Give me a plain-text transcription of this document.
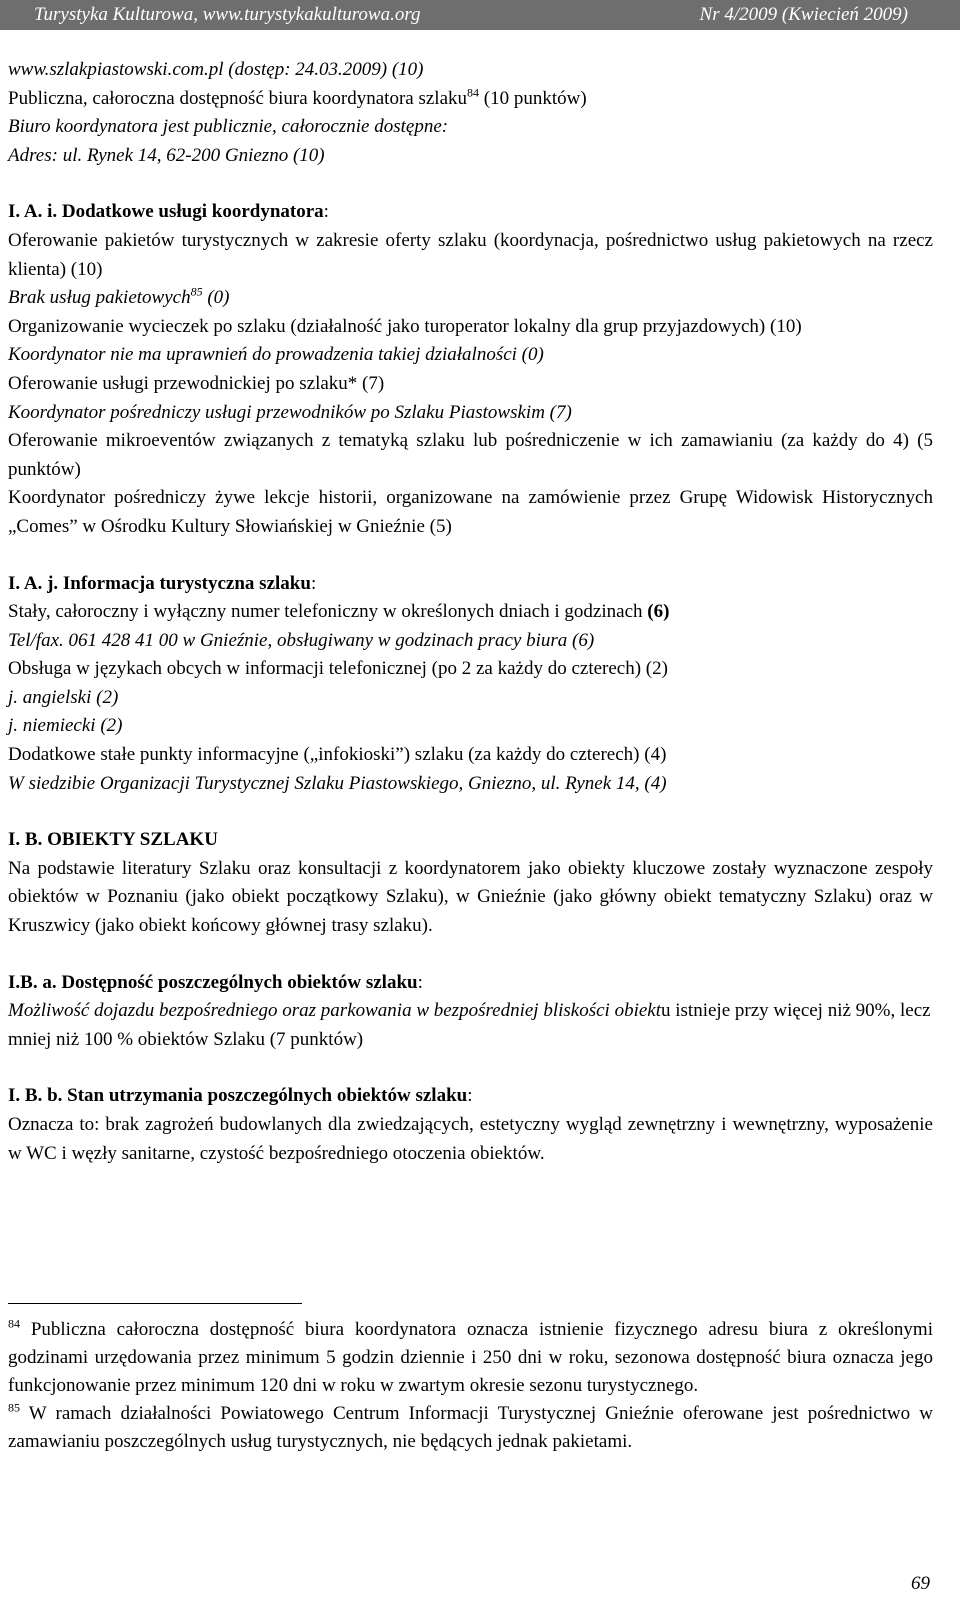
Turystyka Kulturowa, www.turystykakulturowa.org	Nr 4/2009 (Kwiecień 2009)

www.szlakpiastowski.com.pl (dostęp: 24.03.2009) (10)

Publiczna, całoroczna dostępność biura koordynatora szlaku$^{84}$ (10 punktów)

Biuro koordynatora jest publicznie, całorocznie dostępne:

Adres: ul. Rynek 14, 62-200 Gniezno (10)

I. A. i. Dodatkowe usługi koordynatora:

Oferowanie pakietów turystycznych w zakresie oferty szlaku (koordynacja, pośrednictwo usług pakietowych na rzecz klienta) (10)

Brak usług pakietowych$^{85}$ (0)

Organizowanie wycieczek po szlaku (działalność jako turoperator lokalny dla grup przyjazdowych) (10)

Koordynator nie ma uprawnień do prowadzenia takiej działalności (0)

Oferowanie usługi przewodnickiej po szlaku* (7)

Koordynator pośredniczy usługi przewodników po Szlaku Piastowskim (7)

Oferowanie mikroeventów związanych z tematyką szlaku lub pośredniczenie w ich zamawianiu (za każdy do 4) (5 punktów)

Koordynator pośredniczy żywe lekcje historii, organizowane na zamówienie przez Grupę Widowisk Historycznych „Comes” w Ośrodku Kultury Słowiańskiej w Gnieźnie (5)

I. A. j. Informacja turystyczna szlaku:

Stały, całoroczny i wyłączny numer telefoniczny w określonych dniach i godzinach (6)

Tel/fax. 061 428 41 00 w Gnieźnie, obsługiwany w godzinach pracy biura (6)

Obsługa w językach obcych w informacji telefonicznej (po 2 za każdy do czterech) (2)

j. angielski (2)

j. niemiecki (2)

Dodatkowe stałe punkty informacyjne („infokioski”) szlaku (za każdy do czterech) (4)

W siedzibie Organizacji Turystycznej Szlaku Piastowskiego, Gniezno, ul. Rynek 14, (4)

I. B. OBIEKTY SZLAKU

Na podstawie literatury Szlaku oraz konsultacji z koordynatorem jako obiekty kluczowe zostały wyznaczone zespoły obiektów w Poznaniu (jako obiekt początkowy Szlaku), w Gnieźnie (jako główny obiekt tematyczny Szlaku) oraz w Kruszwicy (jako obiekt końcowy głównej trasy szlaku).

I.B. a. Dostępność poszczególnych obiektów szlaku:

Możliwość dojazdu bezpośredniego oraz parkowania w bezpośredniej bliskości obiektu istnieje przy więcej niż 90%, lecz mniej niż 100 % obiektów Szlaku (7 punktów)

I. B. b. Stan utrzymania poszczególnych obiektów szlaku:

Oznacza to: brak zagrożeń budowlanych dla zwiedzających, estetyczny wygląd zewnętrzny i wewnętrzny, wyposażenie w WC i węzły sanitarne, czystość bezpośredniego otoczenia obiektów.

$^{84}$ Publiczna całoroczna dostępność biura koordynatora oznacza istnienie fizycznego adresu biura z określonymi godzinami urzędowania przez minimum 5 godzin dziennie i 250 dni w roku, sezonowa dostępność biura oznacza jego funkcjonowanie przez minimum 120 dni w roku w zwartym okresie sezonu turystycznego.

$^{85}$ W ramach działalności Powiatowego Centrum Informacji Turystycznej Gnieźnie oferowane jest pośrednictwo w zamawianiu poszczególnych usług turystycznych, nie będących jednak pakietami.

69
